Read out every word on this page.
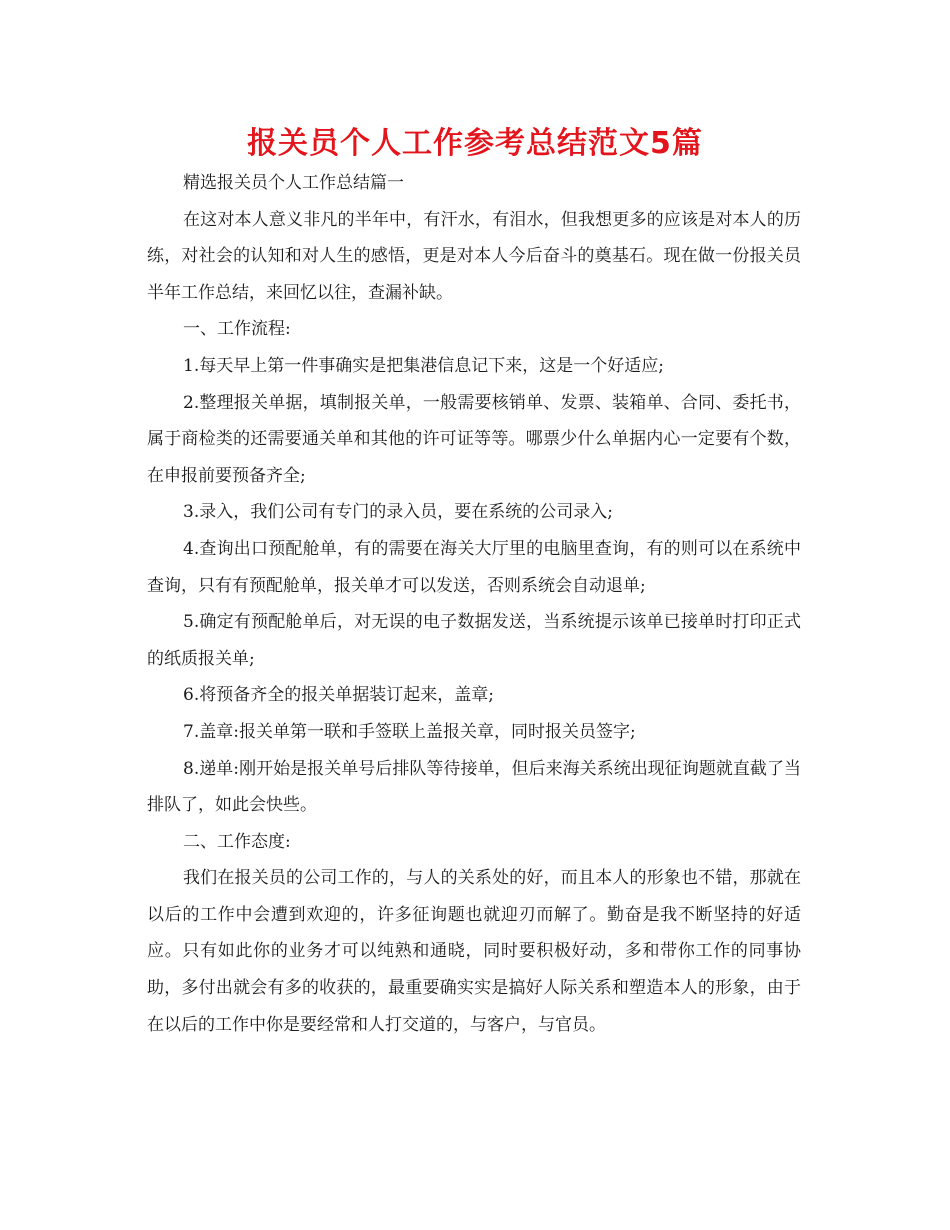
报关员个人工作参考总结范文5篇

精选报关员个人工作总结篇一

在这对本人意义非凡的半年中，有汗水，有泪水，但我想更多的应该是对本人的历练，对社会的认知和对人生的感悟，更是对本人今后奋斗的奠基石。现在做一份报关员半年工作总结，来回忆以往，查漏补缺。

一、工作流程:

1.每天早上第一件事确实是把集港信息记下来，这是一个好适应;

2.整理报关单据，填制报关单，一般需要核销单、发票、装箱单、合同、委托书，属于商检类的还需要通关单和其他的许可证等等。哪票少什么单据内心一定要有个数，在申报前要预备齐全;

3.录入，我们公司有专门的录入员，要在系统的公司录入;

4.查询出口预配舱单，有的需要在海关大厅里的电脑里查询，有的则可以在系统中查询，只有有预配舱单，报关单才可以发送，否则系统会自动退单;

5.确定有预配舱单后，对无误的电子数据发送，当系统提示该单已接单时打印正式的纸质报关单;

6.将预备齐全的报关单据装订起来，盖章;

7.盖章:报关单第一联和手签联上盖报关章，同时报关员签字;

8.递单:刚开始是报关单号后排队等待接单，但后来海关系统出现征询题就直截了当排队了，如此会快些。

二、工作态度:

我们在报关员的公司工作的，与人的关系处的好，而且本人的形象也不错，那就在以后的工作中会遭到欢迎的，许多征询题也就迎刃而解了。勤奋是我不断坚持的好适应。只有如此你的业务才可以纯熟和通晓，同时要积极好动，多和带你工作的同事协助，多付出就会有多的收获的，最重要确实实是搞好人际关系和塑造本人的形象，由于在以后的工作中你是要经常和人打交道的，与客户，与官员。
